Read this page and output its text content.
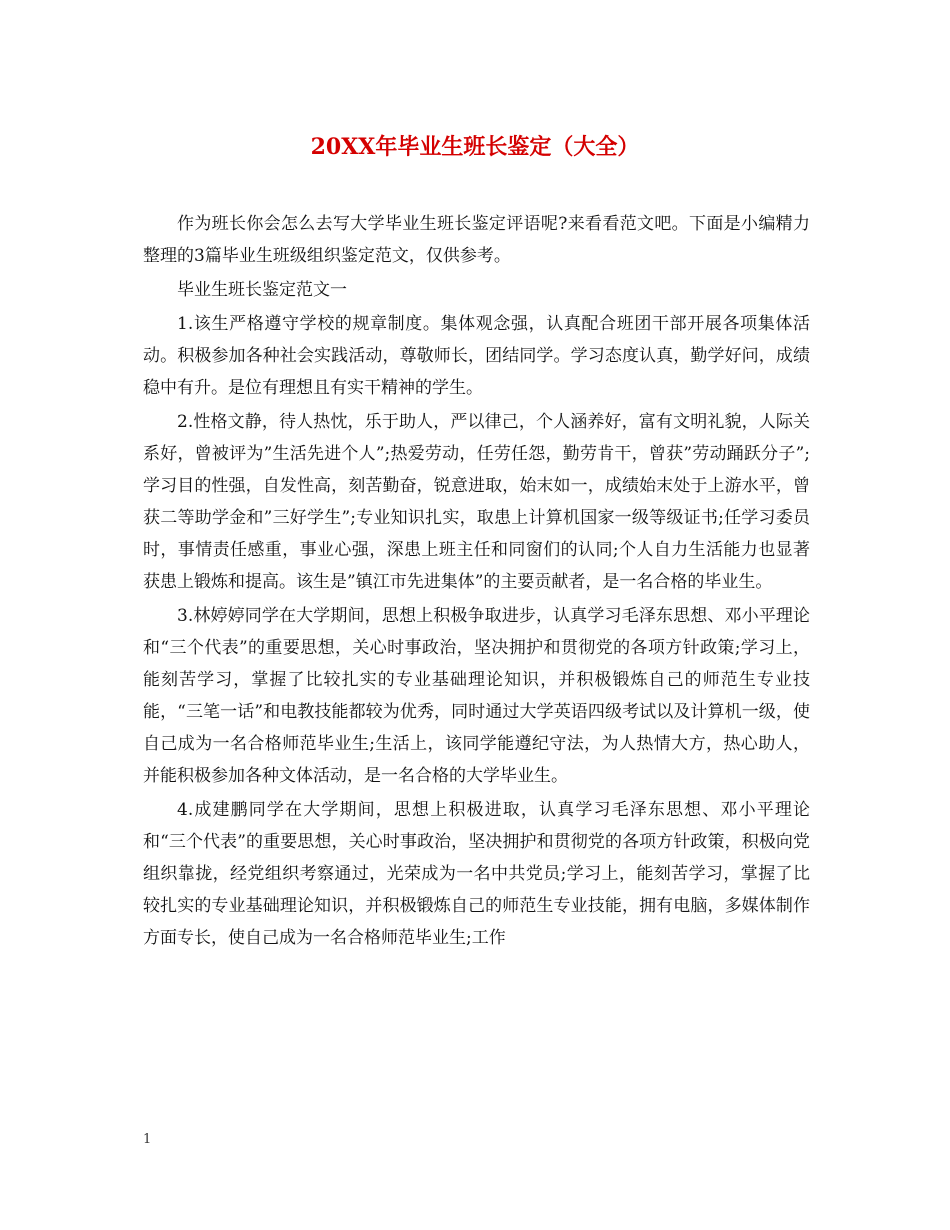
20XX年毕业生班长鉴定（大全）

作为班长你会怎么去写大学毕业生班长鉴定评语呢?来看看范文吧。下面是小编精力整理的3篇毕业生班级组织鉴定范文，仅供参考。

毕业生班长鉴定范文一

1.该生严格遵守学校的规章制度。集体观念强，认真配合班团干部开展各项集体活动。积极参加各种社会实践活动，尊敬师长，团结同学。学习态度认真，勤学好问，成绩稳中有升。是位有理想且有实干精神的学生。

2.性格文静，待人热忱，乐于助人，严以律己，个人涵养好，富有文明礼貌，人际关系好，曾被评为”生活先进个人”;热爱劳动，任劳任怨，勤劳肯干，曾获”劳动踊跃分子”;学习目的性强，自发性高，刻苦勤奋，锐意进取，始末如一，成绩始末处于上游水平，曾获二等助学金和”三好学生”;专业知识扎实，取患上计算机国家一级等级证书;任学习委员时，事情责任感重，事业心强，深患上班主任和同窗们的认同;个人自力生活能力也显著获患上锻炼和提高。该生是”镇江市先进集体”的主要贡献者，是一名合格的毕业生。

3.林婷婷同学在大学期间，思想上积极争取进步，认真学习毛泽东思想、邓小平理论和“三个代表”的重要思想，关心时事政治，坚决拥护和贯彻党的各项方针政策;学习上，能刻苦学习，掌握了比较扎实的专业基础理论知识，并积极锻炼自己的师范生专业技能，“三笔一话”和电教技能都较为优秀，同时通过大学英语四级考试以及计算机一级，使自己成为一名合格师范毕业生;生活上，该同学能遵纪守法，为人热情大方，热心助人，并能积极参加各种文体活动，是一名合格的大学毕业生。

4.成建鹏同学在大学期间，思想上积极进取，认真学习毛泽东思想、邓小平理论和“三个代表”的重要思想，关心时事政治，坚决拥护和贯彻党的各项方针政策，积极向党组织靠拢，经党组织考察通过，光荣成为一名中共党员;学习上，能刻苦学习，掌握了比较扎实的专业基础理论知识，并积极锻炼自己的师范生专业技能，拥有电脑，多媒体制作方面专长，使自己成为一名合格师范毕业生;工作

1
